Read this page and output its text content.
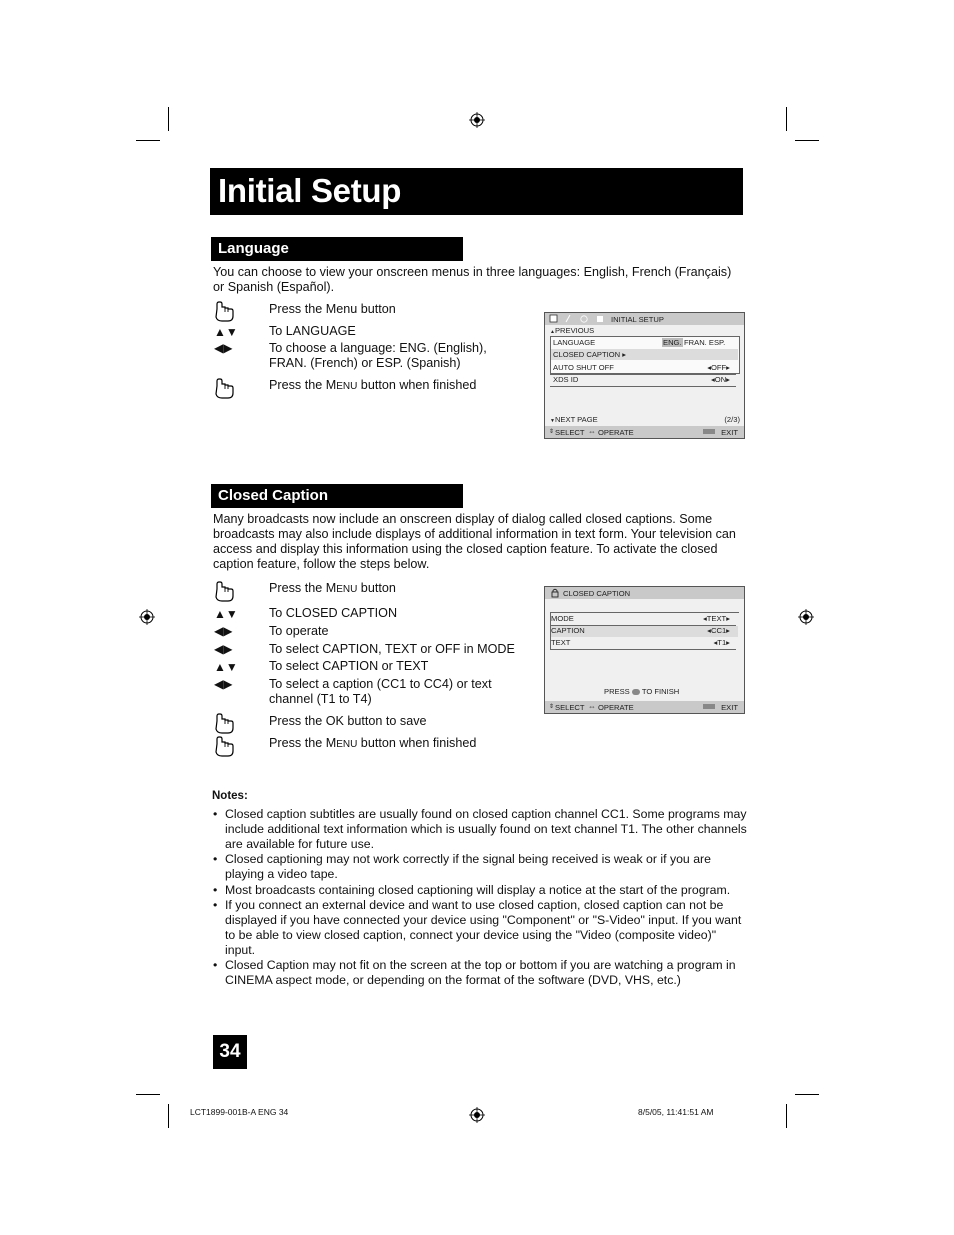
Initial Setup
Language
You can choose to view your onscreen menus in three languages: English, French (Français) or Spanish (Español).
Press the Menu button
▲▼ To LANGUAGE
◀▶	To choose a language: ENG. (English), FRAN. (French) or ESP. (Spanish)
Press the MENU button when finished
INITIAL SETUP
▲PREVIOUS
LANGUAGE	ENG. FRAN. ESP.
CLOSED CAPTION ▸
AUTO SHUT OFF	◂OFF▸
XDS ID	◂ON▸
▼NEXT PAGE	(2/3)
⇕ SELECT ⇔ OPERATE	EXIT
Closed Caption
Many broadcasts now include an onscreen display of dialog called closed captions. Some broadcasts may also include displays of additional information in text form. Your television can access and display this information using the closed caption feature. To activate the closed caption feature, follow the steps below.
Press the MENU button
▲▼ To CLOSED CAPTION
◀▶	To operate
◀▶	To select CAPTION, TEXT or OFF in MODE
▲▼ To select CAPTION or TEXT
◀▶	To select a caption (CC1 to CC4) or text channel (T1 to T4)
Press the OK button to save
Press the MENU button when finished
CLOSED CAPTION
MODE	◂TEXT▸
CAPTION	◂CC1▸
TEXT	◂T1▸
PRESS TO FINISH
⇕ SELECT ⇔ OPERATE	EXIT
Notes:
• Closed caption subtitles are usually found on closed caption channel CC1. Some programs may include additional text information which is usually found on text channel T1. The other channels are available for future use.
• Closed captioning may not work correctly if the signal being received is weak or if you are playing a video tape.
• Most broadcasts containing closed captioning will display a notice at the start of the program.
• If you connect an external device and want to use closed caption, closed caption can not be displayed if you have connected your device using "Component" or "S-Video" input. If you want to be able to view closed caption, connect your device using the "Video (composite video)" input.
• Closed Caption may not fit on the screen at the top or bottom if you are watching a program in CINEMA aspect mode, or depending on the format of the software (DVD, VHS, etc.)
34
LCT1899-001B-A ENG 34	8/5/05, 11:41:51 AM
